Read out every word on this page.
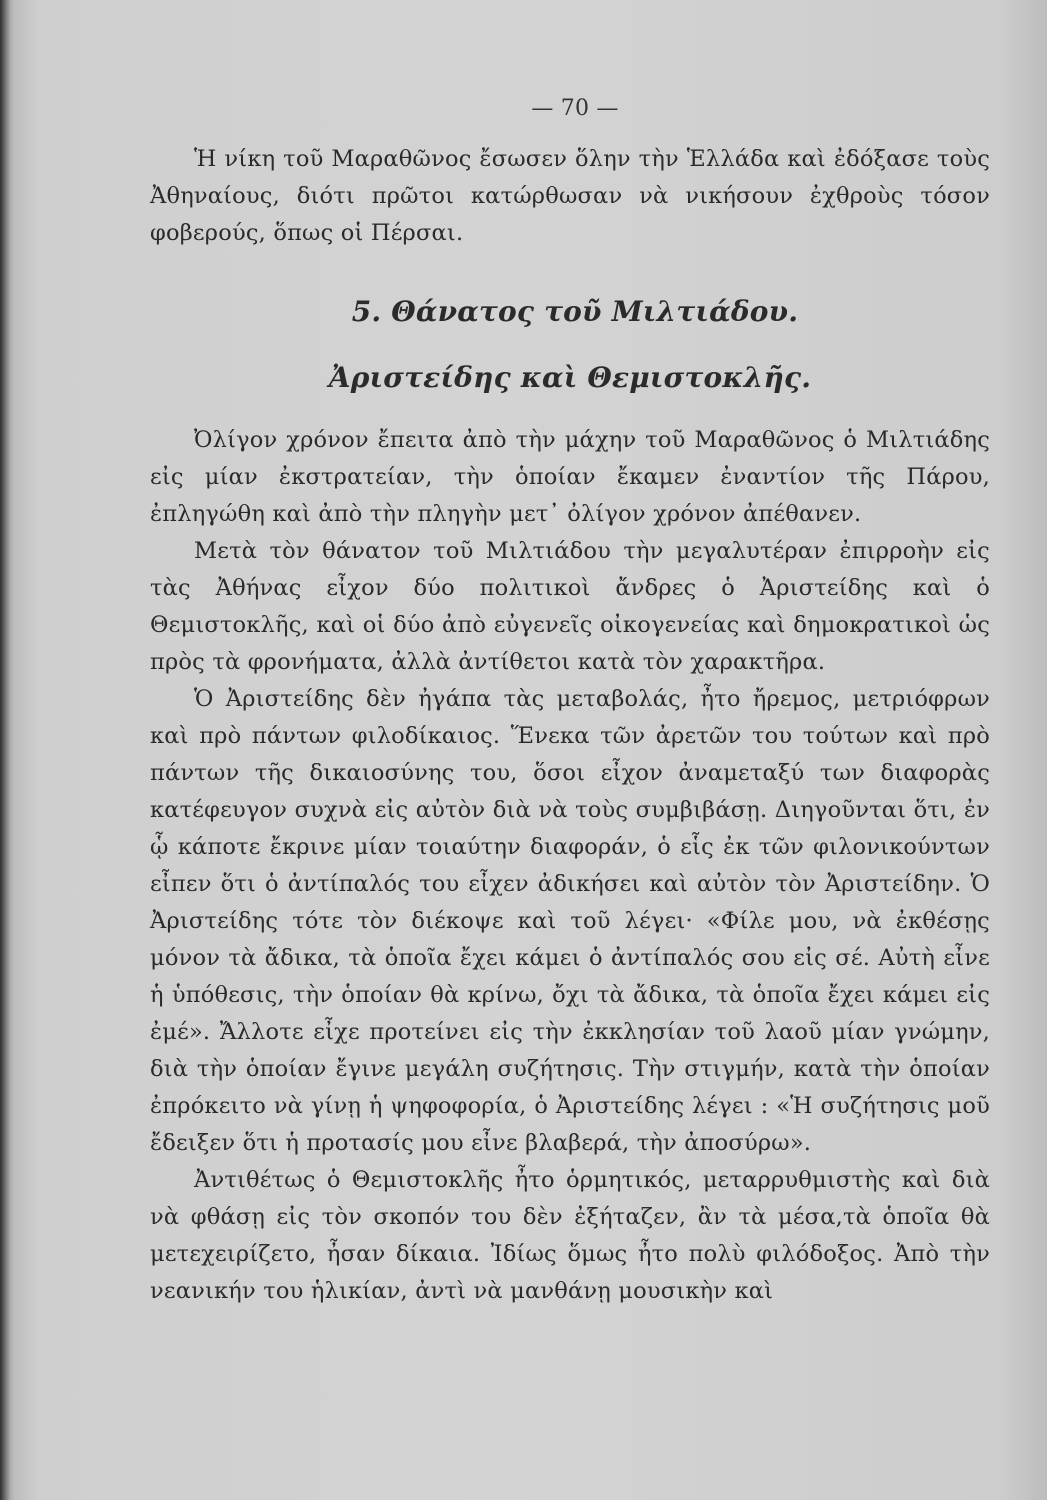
— 70 —

Ἡ νίκη τοῦ Μαραθῶνος ἔσωσεν ὅλην τὴν Ἑλλάδα καὶ ἐδόξασε τοὺς Ἀθηναίους, διότι πρῶτοι κατώρθωσαν νὰ νικήσουν ἐχθροὺς τόσον φοβερούς, ὅπως οἱ Πέρσαι.

5. Θάνατος τοῦ Μιλτιάδου.
Ἀριστείδης καὶ Θεμιστοκλῆς.

Ὀλίγον χρόνον ἔπειτα ἀπὸ τὴν μάχην τοῦ Μαραθῶνος ὁ Μιλτιάδης εἰς μίαν ἐκστρατείαν, τὴν ὁποίαν ἔκαμεν ἐναντίον τῆς Πάρου, ἐπληγώθη καὶ ἀπὸ τὴν πληγὴν μετ᾽ ὀλίγον χρόνον ἀπέθανεν.

Μετὰ τὸν θάνατον τοῦ Μιλτιάδου τὴν μεγαλυτέραν ἐπιρροὴν εἰς τὰς Ἀθήνας εἶχον δύο πολιτικοὶ ἄνδρες ὁ Ἀριστείδης καὶ ὁ Θεμιστοκλῆς, καὶ οἱ δύο ἀπὸ εὐγενεῖς οἰκογενείας καὶ δημοκρατικοὶ ὡς πρὸς τὰ φρονήματα, ἀλλὰ ἀντίθετοι κατὰ τὸν χαρακτῆρα.

Ὁ Ἀριστείδης δὲν ἠγάπα τὰς μεταβολάς, ἦτο ἤρεμος, μετριόφρων καὶ πρὸ πάντων φιλοδίκαιος. Ἕνεκα τῶν ἀρετῶν του τούτων καὶ πρὸ πάντων τῆς δικαιοσύνης του, ὅσοι εἶχον ἀναμεταξύ των διαφορὰς κατέφευγον συχνὰ εἰς αὐτὸν διὰ νὰ τοὺς συμβιβάσῃ. Διηγοῦνται ὅτι, ἐν ᾧ κάποτε ἔκρινε μίαν τοιαύτην διαφοράν, ὁ εἷς ἐκ τῶν φιλονικούντων εἶπεν ὅτι ὁ ἀντίπαλός του εἶχεν ἀδικήσει καὶ αὐτὸν τὸν Ἀριστείδην. Ὁ Ἀριστείδης τότε τὸν διέκοψε καὶ τοῦ λέγει· «Φίλε μου, νὰ ἐκθέσῃς μόνον τὰ ἄδικα, τὰ ὁποῖα ἔχει κάμει ὁ ἀντίπαλός σου εἰς σέ. Αὐτὴ εἶνε ἡ ὑπόθεσις, τὴν ὁποίαν θὰ κρίνω, ὄχι τὰ ἄδικα, τὰ ὁποῖα ἔχει κάμει εἰς ἐμέ». Ἄλλοτε εἶχε προτείνει εἰς τὴν ἐκκλησίαν τοῦ λαοῦ μίαν γνώμην, διὰ τὴν ὁποίαν ἔγινε μεγάλη συζήτησις. Τὴν στιγμήν, κατὰ τὴν ὁποίαν ἐπρόκειτο νὰ γίνῃ ἡ ψηφοφορία, ὁ Ἀριστείδης λέγει : «Ἡ συζήτησις μοῦ ἔδειξεν ὅτι ἡ προτασίς μου εἶνε βλαβερά, τὴν ἀποσύρω».

Ἀντιθέτως ὁ Θεμιστοκλῆς ἦτο ὁρμητικός, μεταρρυθμιστὴς καὶ διὰ νὰ φθάσῃ εἰς τὸν σκοπόν του δὲν ἐξήταζεν, ἂν τὰ μέσα,τὰ ὁποῖα θὰ μετεχειρίζετο, ἦσαν δίκαια. Ἰδίως ὅμως ἦτο πολὺ φιλόδοξος. Ἀπὸ τὴν νεανικήν του ἡλικίαν, ἀντὶ νὰ μανθάνῃ μουσικὴν καὶ
